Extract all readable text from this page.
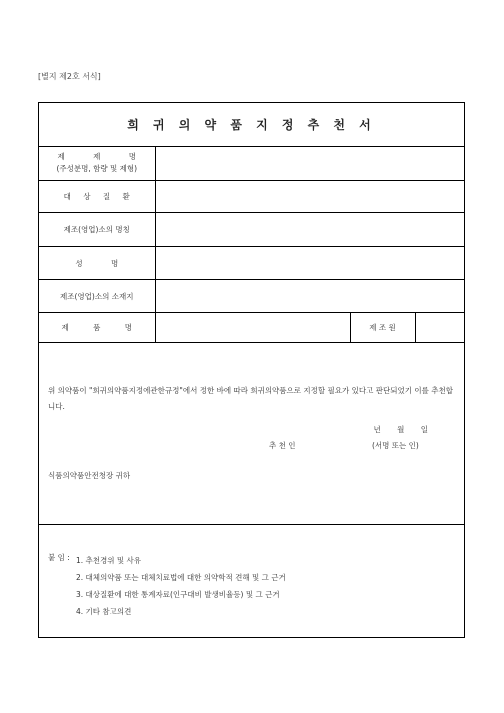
[별지 제2호 서식]
희 귀 의 약 품 지 정 추 천 서
제 제 명
(주성분명, 함량 및 제형)			

대 상 질 환			
제조(영업)소의 명칭			
성 명			
제조(영업)소의 소재지			
제 품 명		제 조 원	
위 의약품이 "희귀의약품지정에관한규정"에서 정한 바에 따라 희귀의약품으로 지정할 필요가 있다고 판단되었기 이를 추천합니다.
년 월 일
추 천 인	(서명 또는 인)
식품의약품안전청장 귀하
붙 임 : 1. 추천경위 및 사유
2. 대체의약품 또는 대체치료법에 대한 의약학적 견해 및 그 근거
3. 대상질환에 대한 통계자료(인구대비 발생비율등) 및 그 근거
4. 기타 참고의견
